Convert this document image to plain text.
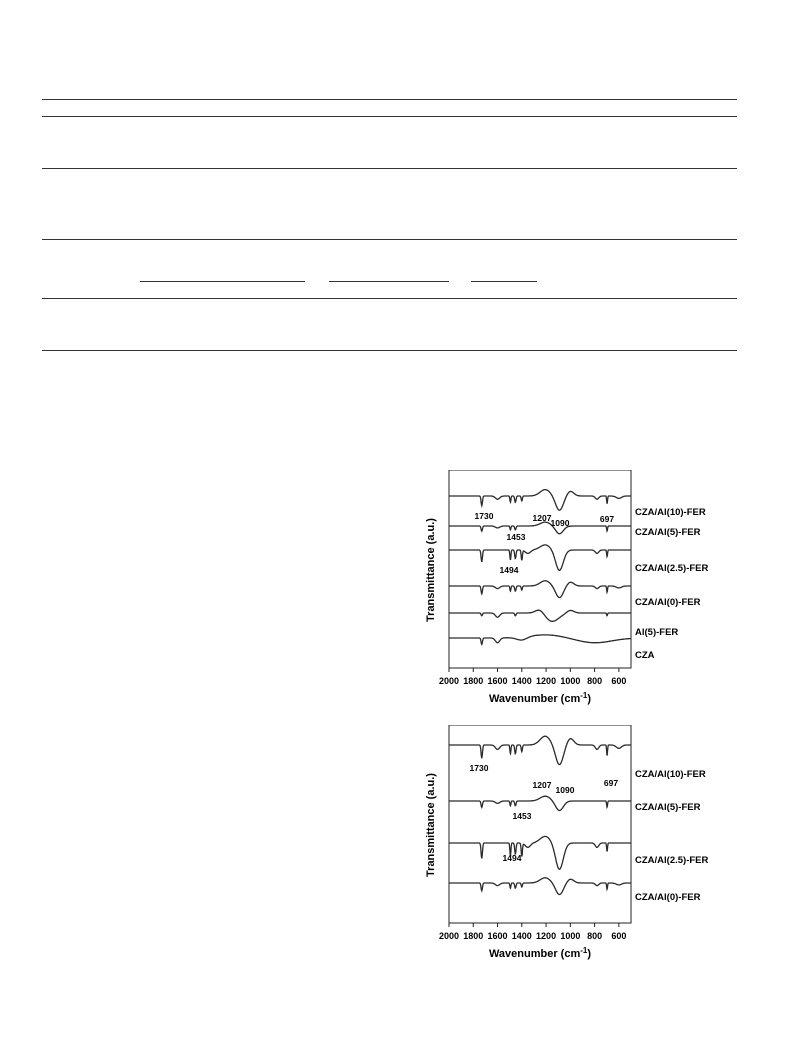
2000 1800 1600 1400 1200 1000 800 600
CZA/Al(10)-FER
CZA/Al(5)-FER
CZA/Al(2.5)-FER
CZA/Al(0)-FER
Al(5)-FER
CZA
1730	1207 1090	697
1453
1494
Wavenumber $(cm^{-1})$
Transmittance (a.u.)
2000 1800 1600 1400 1200 1000 800 600
CZA/Al(10)-FER
CZA/Al(5)-FER
CZA/Al(2.5)-FER
CZA/Al(0)-FER
1730
1207 1090
697
1453
1494
Wavenumber $(cm^{-1})$
Transmittance (a.u.)
